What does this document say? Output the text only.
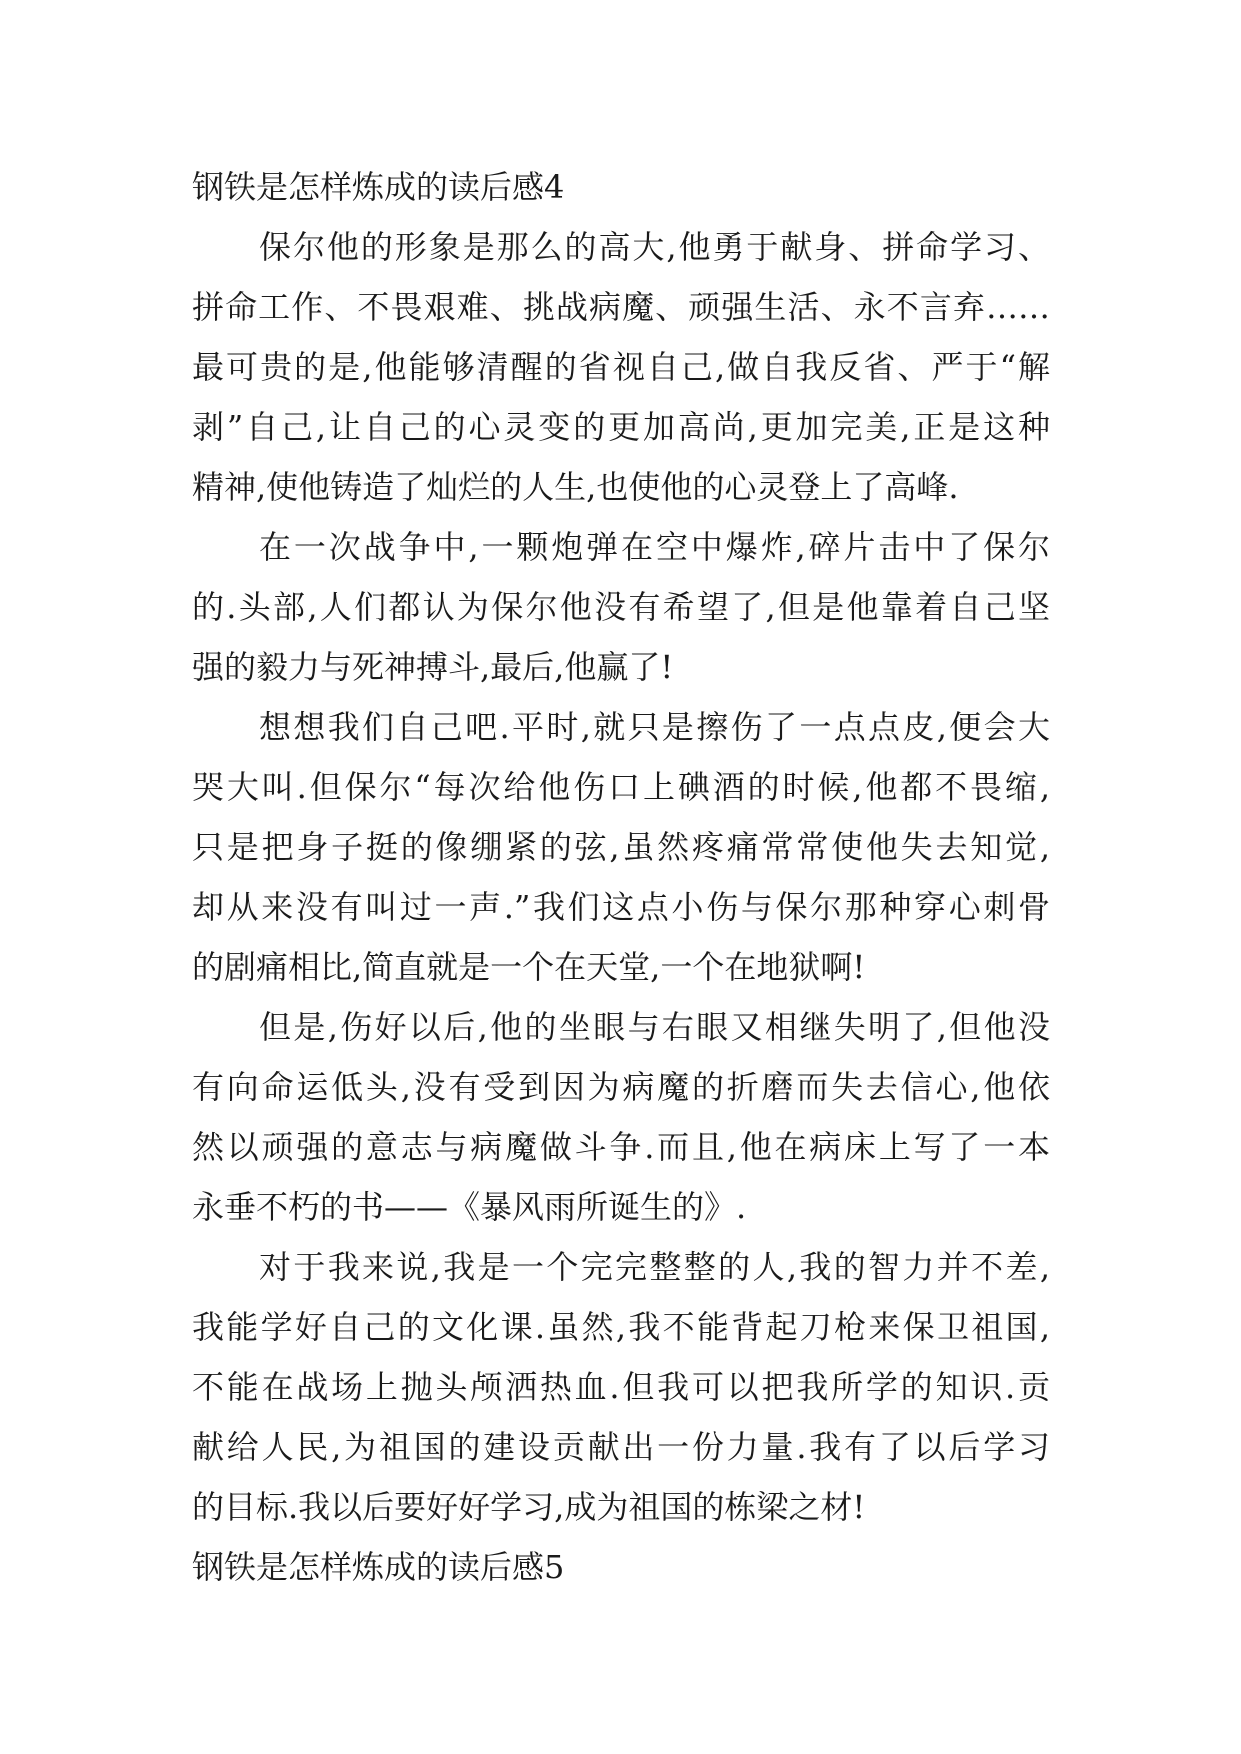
钢铁是怎样炼成的读后感4
保尔他的形象是那么的高大,他勇于献身、拼命学习、
拼命工作、不畏艰难、挑战病魔、顽强生活、永不言弃……
最可贵的是,他能够清醒的省视自己,做自我反省、严于“解
剥”自己,让自己的心灵变的更加高尚,更加完美,正是这种
精神,使他铸造了灿烂的人生,也使他的心灵登上了高峰.
在一次战争中,一颗炮弹在空中爆炸,碎片击中了保尔
的.头部,人们都认为保尔他没有希望了,但是他靠着自己坚
强的毅力与死神搏斗,最后,他赢了!
想想我们自己吧.平时,就只是擦伤了一点点皮,便会大
哭大叫.但保尔“每次给他伤口上碘酒的时候,他都不畏缩,
只是把身子挺的像绷紧的弦,虽然疼痛常常使他失去知觉,
却从来没有叫过一声.”我们这点小伤与保尔那种穿心刺骨
的剧痛相比,简直就是一个在天堂,一个在地狱啊!
但是,伤好以后,他的坐眼与右眼又相继失明了,但他没
有向命运低头,没有受到因为病魔的折磨而失去信心,他依
然以顽强的意志与病魔做斗争.而且,他在病床上写了一本
永垂不朽的书——《暴风雨所诞生的》.
对于我来说,我是一个完完整整的人,我的智力并不差,
我能学好自己的文化课.虽然,我不能背起刀枪来保卫祖国,
不能在战场上抛头颅洒热血.但我可以把我所学的知识.贡
献给人民,为祖国的建设贡献出一份力量.我有了以后学习
的目标.我以后要好好学习,成为祖国的栋梁之材!
钢铁是怎样炼成的读后感5
